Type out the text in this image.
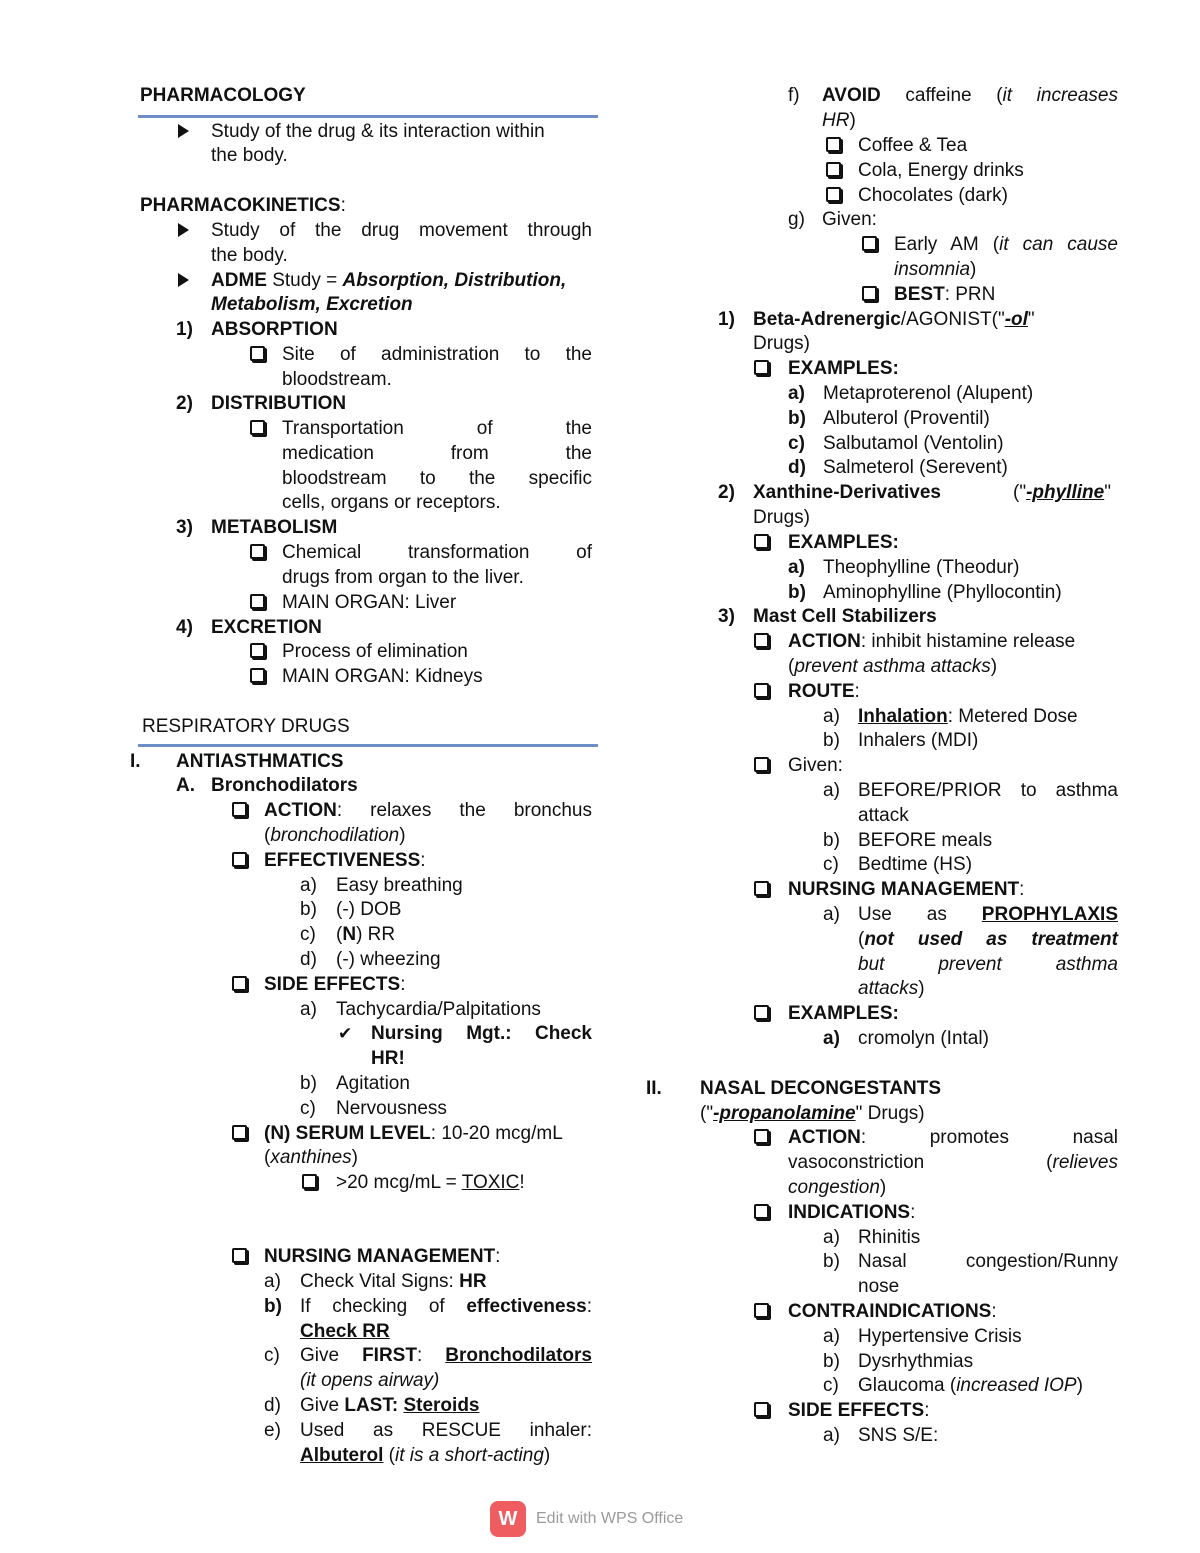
PHARMACOLOGY
Study of the drug & its interaction within
the body.
PHARMACOKINETICS:
Study of the drug movement through
the body.
ADME Study = Absorption, Distribution,
Metabolism, Excretion
1) ABSORPTION
Site of administration to the
bloodstream.
2) DISTRIBUTION
Transportation of the
medication from the
bloodstream to the specific
cells, organs or receptors.
3) METABOLISM
Chemical transformation of
drugs from organ to the liver.
MAIN ORGAN: Liver
4) EXCRETION
Process of elimination
MAIN ORGAN: Kidneys
RESPIRATORY DRUGS
I. ANTIASTHMATICS
A. Bronchodilators
ACTION: relaxes the bronchus
(bronchodilation)
EFFECTIVENESS:
a) Easy breathing
b) (-) DOB
c) (N) RR
d) (-) wheezing
SIDE EFFECTS:
a) Tachycardia/Palpitations
✔ Nursing Mgt.: Check
HR!
b) Agitation
c) Nervousness
(N) SERUM LEVEL: 10-20 mcg/mL
(xanthines)
>20 mcg/mL = TOXIC!
NURSING MANAGEMENT:
a) Check Vital Signs: HR
b) If checking of effectiveness:
Check RR
c) Give FIRST: Bronchodilators
(it opens airway)
d) Give LAST: Steroids
e) Used as RESCUE inhaler:
Albuterol (it is a short-acting)
f) AVOID caffeine (it increases
HR)
Coffee & Tea
Cola, Energy drinks
Chocolates (dark)
g) Given:
Early AM (it can cause
insomnia)
BEST: PRN
1) Beta-Adrenergic/AGONIST("-ol"
Drugs)
EXAMPLES:
a) Metaproterenol (Alupent)
b) Albuterol (Proventil)
c) Salbutamol (Ventolin)
d) Salmeterol (Serevent)
2) Xanthine-Derivatives	("-phylline"
Drugs)
EXAMPLES:
a) Theophylline (Theodur)
b) Aminophylline (Phyllocontin)
3) Mast Cell Stabilizers
ACTION: inhibit histamine release
(prevent asthma attacks)
ROUTE:
a) Inhalation: Metered Dose
b) Inhalers (MDI)
Given:
a) BEFORE/PRIOR to asthma
attack
b) BEFORE meals
c) Bedtime (HS)
NURSING MANAGEMENT:
a) Use as PROPHYLAXIS
(not used as treatment
but prevent asthma
attacks)
EXAMPLES:
a) cromolyn (Intal)
II. NASAL DECONGESTANTS
("-propanolamine" Drugs)
ACTION: promotes nasal
vasoconstriction (relieves
congestion)
INDICATIONS:
a) Rhinitis
b) Nasal congestion/Runny
nose
CONTRAINDICATIONS:
a) Hypertensive Crisis
b) Dysrhythmias
c) Glaucoma (increased IOP)
SIDE EFFECTS:
a) SNS S/E:
W	Edit with WPS Office
